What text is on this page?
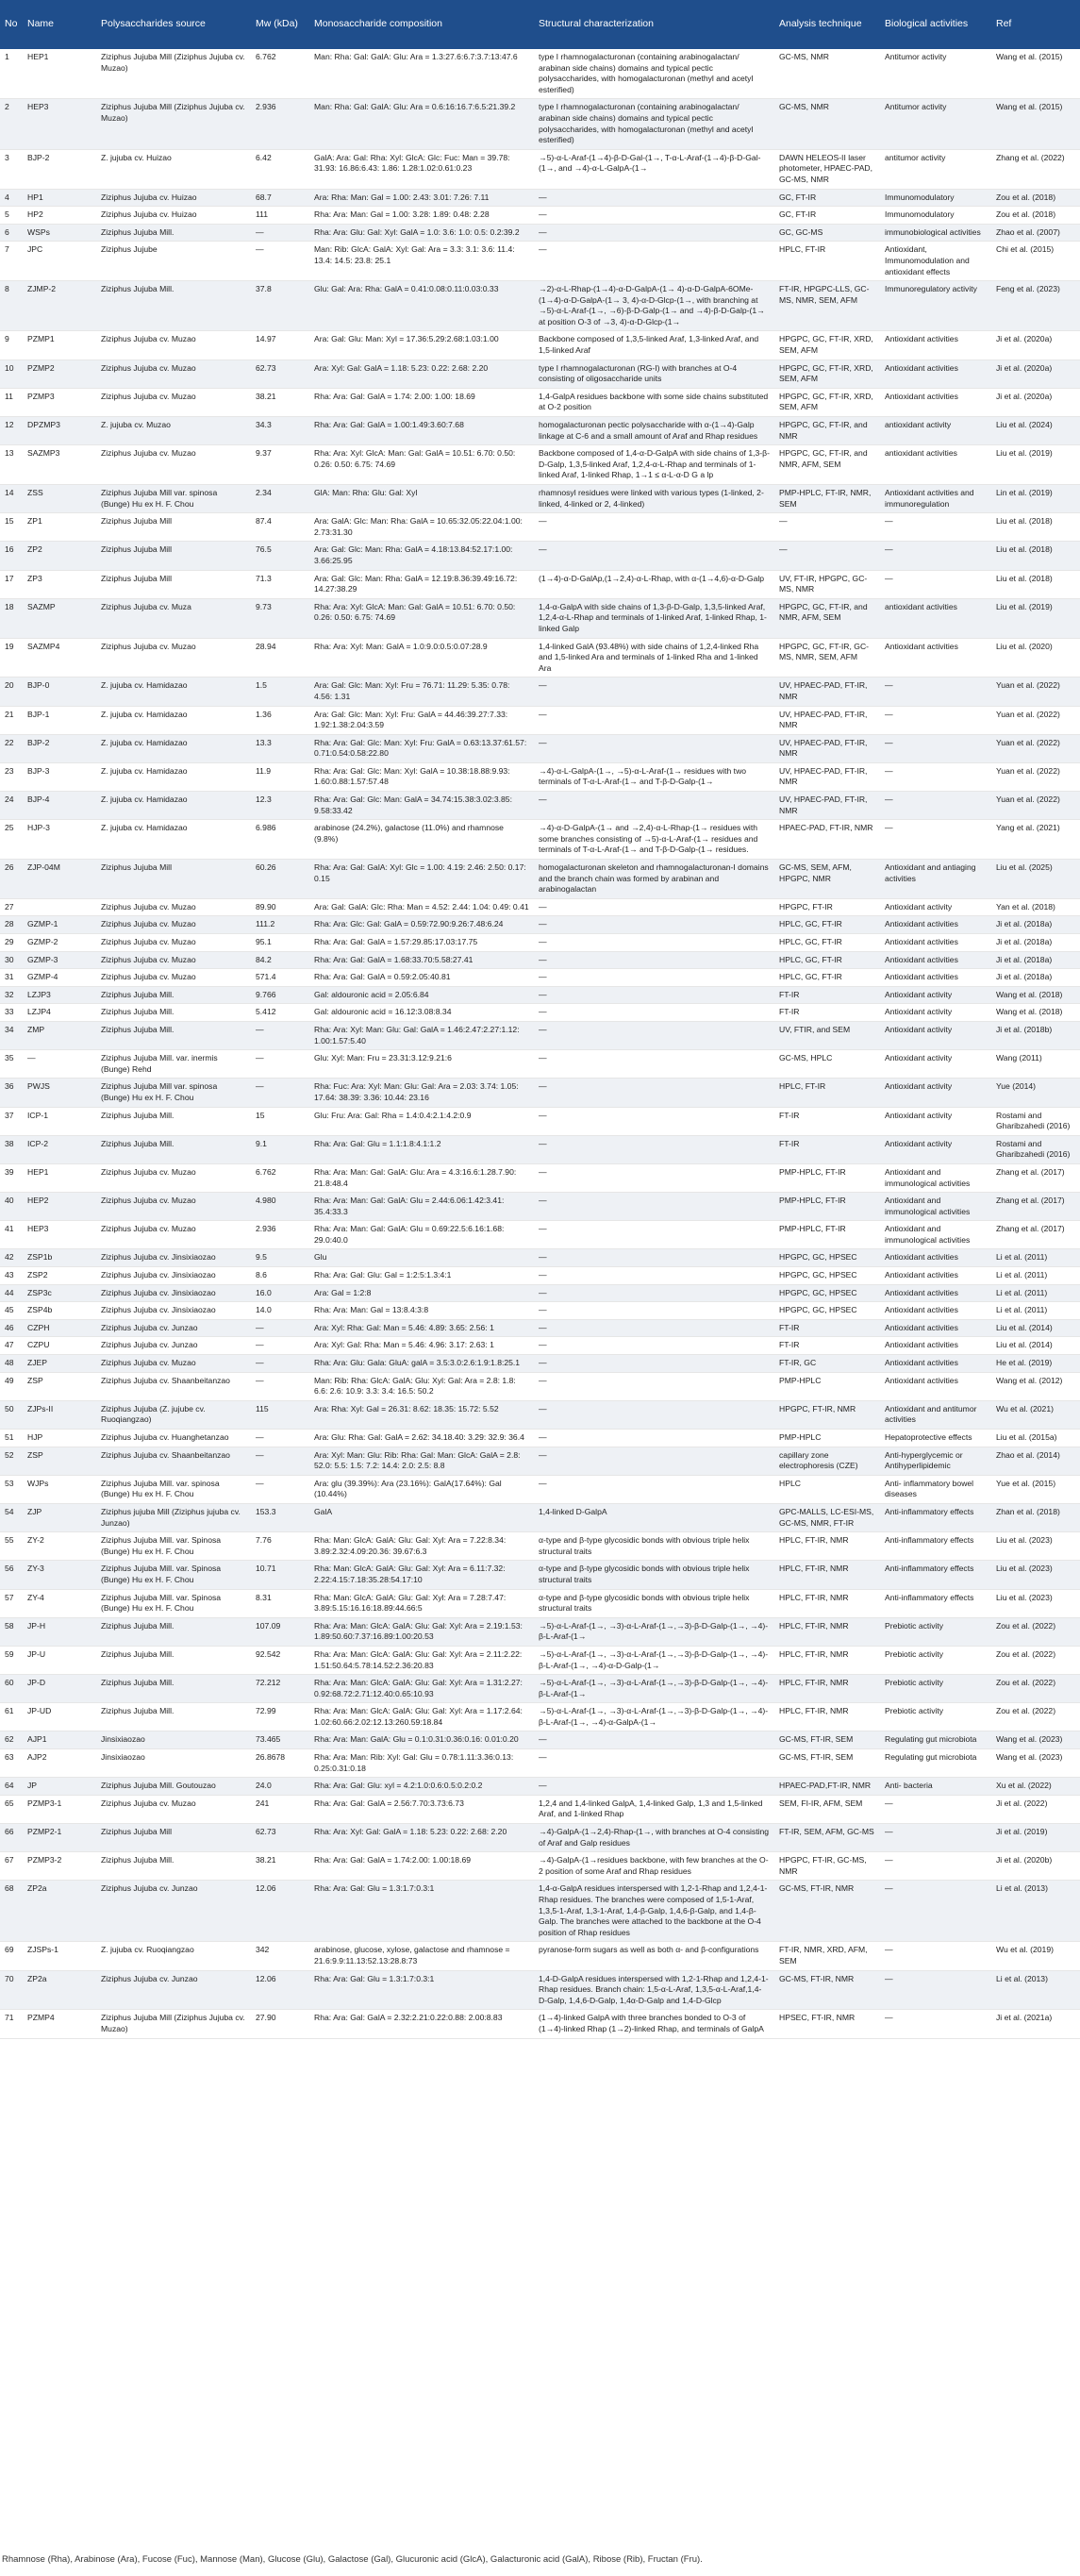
No	Name	Polysaccharides source	Mw (kDa)	Monosaccharide composition	Structural characterization	Analysis technique	Biological activities	Ref
1	HEP1	Ziziphus Jujuba Mill (Ziziphus Jujuba cv. Muzao)	6.762	Man: Rha: Gal: GalA: Glu: Ara = 1.3:27.6:6.7:3.7:13:47.6	type I rhamnogalacturonan (containing arabinogalactan/ arabinan side chains) domains and typical pectic polysaccharides, with homogalacturonan (methyl and acetyl esterified)	GC-MS, NMR	Antitumor activity	Wang et al. (2015)
2	HEP3	Ziziphus Jujuba Mill (Ziziphus Jujuba cv. Muzao)	2.936	Man: Rha: Gal: GalA: Glu: Ara = 0.6:16:16.7:6.5:21.39.2	type I rhamnogalacturonan (containing arabinogalactan/ arabinan side chains) domains and typical pectic polysaccharides, with homogalacturonan (methyl and acetyl esterified)	GC-MS, NMR	Antitumor activity	Wang et al. (2015)
3	BJP-2	Z. jujuba cv. Huizao	6.42	GalA: Ara: Gal: Rha: Xyl: GlcA: Glc: Fuc: Man = 39.78: 31.93: 16.86:6.43: 1.86: 1.28:1.02:0.61:0.23	→5)-α-L-Araf-(1→4)-β-D-Gal-(1→, T-α-L-Araf-(1→4)-β-D-Gal-(1→, and →4)-α-L-GalpA-(1→	DAWN HELEOS-II laser photometer, HPAEC-PAD, GC-MS, NMR	antitumor activity	Zhang et al. (2022)
4	HP1	Ziziphus Jujuba cv. Huizao	68.7	Ara: Rha: Man: Gal = 1.00: 2.43: 3.01: 7.26: 7.11	—	GC, FT-IR	Immunomodulatory	Zou et al. (2018)
5	HP2	Ziziphus Jujuba cv. Huizao	111	Rha: Ara: Man: Gal = 1.00: 3.28: 1.89: 0.48: 2.28	—	GC, FT-IR	Immunomodulatory	Zou et al. (2018)
6	WSPs	Ziziphus Jujuba Mill.	—	Rha: Ara: Glu: Gal: Xyl: GalA = 1.0: 3.6: 1.0: 0.5: 0.2:39.2	—	GC, GC-MS	immunobiological activities	Zhao et al. (2007)
7	JPC	Ziziphus Jujube	—	Man: Rib: GlcA: GalA: Xyl: Gal: Ara = 3.3: 3.1: 3.6: 11.4: 13.4: 14.5: 23.8: 25.1	—	HPLC, FT-IR	Antioxidant, Immunomodulation and antioxidant effects	Chi et al. (2015)
8	ZJMP-2	Ziziphus Jujuba Mill.	37.8	Glu: Gal: Ara: Rha: GalA = 0.41:0.08:0.11:0.03:0.33	→2)-α-L-Rhap-(1→4)-α-D-GalpA-(1→ 4)-α-D-GalpA-6OMe-(1→4)-α-D-GalpA-(1→ 3, 4)-α-D-Glcp-(1→, with branching at →5)-α-L-Araf-(1→, →6)-β-D-Galp-(1→ and →4)-β-D-Galp-(1→ at position O-3 of →3, 4)-α-D-Glcp-(1→	FT-IR, HPGPC-LLS, GC-MS, NMR, SEM, AFM	Immunoregulatory activity	Feng et al. (2023)
9	PZMP1	Ziziphus Jujuba cv. Muzao	14.97	Ara: Gal: Glu: Man: Xyl = 17.36:5.29:2.68:1.03:1.00	Backbone composed of 1,3,5-linked Araf, 1,3-linked Araf, and 1,5-linked Araf	HPGPC, GC, FT-IR, XRD, SEM, AFM	Antioxidant activities	Ji et al. (2020a)
10	PZMP2	Ziziphus Jujuba cv. Muzao	62.73	Ara: Xyl: Gal: GalA = 1.18: 5.23: 0.22: 2.68: 2.20	type I rhamnogalacturonan (RG-I) with branches at O-4 consisting of oligosaccharide units	HPGPC, GC, FT-IR, XRD, SEM, AFM	Antioxidant activities	Ji et al. (2020a)
11	PZMP3	Ziziphus Jujuba cv. Muzao	38.21	Rha: Ara: Gal: GalA = 1.74: 2.00: 1.00: 18.69	1,4-GalpA residues backbone with some side chains substituted at O-2 position	HPGPC, GC, FT-IR, XRD, SEM, AFM	Antioxidant activities	Ji et al. (2020a)
12	DPZMP3	Z. jujuba cv. Muzao	34.3	Rha: Ara: Gal: GalA = 1.00:1.49:3.60:7.68	homogalacturonan pectic polysaccharide with α-(1→4)-Galp linkage at C-6 and a small amount of Araf and Rhap residues	HPGPC, GC, FT-IR, and NMR	antioxidant activity	Liu et al. (2024)
13	SAZMP3	Ziziphus Jujuba cv. Muzao	9.37	Rha: Ara: Xyl: GlcA: Man: Gal: GalA = 10.51: 6.70: 0.50: 0.26: 0.50: 6.75: 74.69	Backbone composed of 1,4-α-D-GalpA with side chains of 1,3-β-D-Galp, 1,3,5-linked Araf, 1,2,4-α-L-Rhap and terminals of 1-linked Araf, 1-linked Rhap, 1→1 ≤ α-L-α-D G a lp	HPGPC, GC, FT-IR, and NMR, AFM, SEM	antioxidant activities	Liu et al. (2019)
14	ZSS	Ziziphus Jujuba Mill var. spinosa (Bunge) Hu ex H. F. Chou	2.34	GlA: Man: Rha: Glu: Gal: Xyl	rhamnosyl residues were linked with various types (1-linked, 2-linked, 4-linked or 2, 4-linked)	PMP-HPLC, FT-IR, NMR, SEM	Antioxidant activities and immunoregulation	Lin et al. (2019)
15	ZP1	Ziziphus Jujuba Mill	87.4	Ara: GalA: Glc: Man: Rha: GalA = 10.65:32.05:22.04:1.00: 2.73:31.30	—	—	—	Liu et al. (2018)
16	ZP2	Ziziphus Jujuba Mill	76.5	Ara: Gal: Glc: Man: Rha: GalA = 4.18:13.84:52.17:1.00: 3.66:25.95	—	—	—	Liu et al. (2018)
17	ZP3	Ziziphus Jujuba Mill	71.3	Ara: Gal: Glc: Man: Rha: GalA = 12.19:8.36:39.49:16.72: 14.27:38.29	(1→4)-α-D-GalAp,(1→2,4)-α-L-Rhap, with α-(1→4,6)-α-D-Galp	UV, FT-IR, HPGPC, GC-MS, NMR	—	Liu et al. (2018)
18	SAZMP	Ziziphus Jujuba cv. Muza	9.73	Rha: Ara: Xyl: GlcA: Man: Gal: GalA = 10.51: 6.70: 0.50: 0.26: 0.50: 6.75: 74.69	1,4-α-GalpA with side chains of 1,3-β-D-Galp, 1,3,5-linked Araf, 1,2,4-α-L-Rhap and terminals of 1-linked Araf, 1-linked Rhap, 1-linked Galp	HPGPC, GC, FT-IR, and NMR, AFM, SEM	antioxidant activities	Liu et al. (2019)
19	SAZMP4	Ziziphus Jujuba cv. Muzao	28.94	Rha: Ara: Xyl: Man: GalA = 1.0:9.0:0.5:0.07:28.9	1,4-linked GalA (93.48%) with side chains of 1,2,4-linked Rha and 1,5-linked Ara and terminals of 1-linked Rha and 1-linked Ara	HPGPC, GC, FT-IR, GC-MS, NMR, SEM, AFM	Antioxidant activities	Liu et al. (2020)
20	BJP-0	Z. jujuba cv. Hamidazao	1.5	Ara: Gal: Glc: Man: Xyl: Fru = 76.71: 11.29: 5.35: 0.78: 4.56: 1.31	—	UV, HPAEC-PAD, FT-IR, NMR	—	Yuan et al. (2022)
21	BJP-1	Z. jujuba cv. Hamidazao	1.36	Ara: Gal: Glc: Man: Xyl: Fru: GalA = 44.46:39.27:7.33: 1.92:1.38:2.04:3.59	—	UV, HPAEC-PAD, FT-IR, NMR	—	Yuan et al. (2022)
22	BJP-2	Z. jujuba cv. Hamidazao	13.3	Rha: Ara: Gal: Glc: Man: Xyl: Fru: GalA = 0.63:13.37:61.57: 0.71:0.54:0.58:22.80	—	UV, HPAEC-PAD, FT-IR, NMR	—	Yuan et al. (2022)
23	BJP-3	Z. jujuba cv. Hamidazao	11.9	Rha: Ara: Gal: Glc: Man: Xyl: GalA = 10.38:18.88:9.93: 1.60:0.88:1.57:57.48	→4)-α-L-GalpA-(1→, →5)-α-L-Araf-(1→ residues with two terminals of T-α-L-Araf-(1→ and T-β-D-Galp-(1→	UV, HPAEC-PAD, FT-IR, NMR	—	Yuan et al. (2022)
24	BJP-4	Z. jujuba cv. Hamidazao	12.3	Rha: Ara: Gal: Glc: Man: GalA = 34.74:15.38:3.02:3.85: 9.58:33.42	—	UV, HPAEC-PAD, FT-IR, NMR	—	Yuan et al. (2022)
25	HJP-3	Z. jujuba cv. Hamidazao	6.986	arabinose (24.2%), galactose (11.0%) and rhamnose (9.8%)	→4)-α-D-GalpA-(1→ and →2,4)-α-L-Rhap-(1→ residues with some branches consisting of →5)-α-L-Araf-(1→ residues and terminals of T-α-L-Araf-(1→ and T-β-D-Galp-(1→ residues.	HPAEC-PAD, FT-IR, NMR	—	Yang et al. (2021)
26	ZJP-04M	Ziziphus Jujuba Mill	60.26	Rha: Ara: Gal: GalA: Xyl: Glc = 1.00: 4.19: 2.46: 2.50: 0.17: 0.15	homogalacturonan skeleton and rhamnogalacturonan-I domains and the branch chain was formed by arabinan and arabinogalactan	GC-MS, SEM, AFM, HPGPC, NMR	Antioxidant and antiaging activities	Liu et al. (2025)
27		Ziziphus Jujuba cv. Muzao	89.90	Ara: Gal: GalA: Glc: Rha: Man = 4.52: 2.44: 1.04: 0.49: 0.41	—	HPGPC, FT-IR	Antioxidant activity	Yan et al. (2018)
28	GZMP-1	Ziziphus Jujuba cv. Muzao	111.2	Rha: Ara: Glc: Gal: GalA = 0.59:72.90:9.26:7.48:6.24	—	HPLC, GC, FT-IR	Antioxidant activities	Ji et al. (2018a)
29	GZMP-2	Ziziphus Jujuba cv. Muzao	95.1	Rha: Ara: Gal: GalA = 1.57:29.85:17.03:17.75	—	HPLC, GC, FT-IR	Antioxidant activities	Ji et al. (2018a)
30	GZMP-3	Ziziphus Jujuba cv. Muzao	84.2	Rha: Ara: Gal: GalA = 1.68:33.70:5.58:27.41	—	HPLC, GC, FT-IR	Antioxidant activities	Ji et al. (2018a)
31	GZMP-4	Ziziphus Jujuba cv. Muzao	571.4	Rha: Ara: Gal: GalA = 0.59:2.05:40.81	—	HPLC, GC, FT-IR	Antioxidant activities	Ji et al. (2018a)
32	LZJP3	Ziziphus Jujuba Mill.	9.766	Gal: aldouronic acid = 2.05:6.84	—	FT-IR	Antioxidant activity	Wang et al. (2018)
33	LZJP4	Ziziphus Jujuba Mill.	5.412	Gal: aldouronic acid = 16.12:3.08:8.34	—	FT-IR	Antioxidant activity	Wang et al. (2018)
34	ZMP	Ziziphus Jujuba Mill.	—	Rha: Ara: Xyl: Man: Glu: Gal: GalA = 1.46:2.47:2.27:1.12: 1.00:1.57:5.40	—	UV, FTIR, and SEM	Antioxidant activity	Ji et al. (2018b)
35	—	Ziziphus Jujuba Mill. var. inermis (Bunge) Rehd	—	Glu: Xyl: Man: Fru = 23.31:3.12:9.21:6	—	GC-MS, HPLC	Antioxidant activity	Wang (2011)
36	PWJS	Ziziphus Jujuba Mill var. spinosa (Bunge) Hu ex H. F. Chou	—	Rha: Fuc: Ara: Xyl: Man: Glu: Gal: Ara = 2.03: 3.74: 1.05: 17.64: 38.39: 3.36: 10.44: 23.16	—	HPLC, FT-IR	Antioxidant activity	Yue (2014)
37	ICP-1	Ziziphus Jujuba Mill.	15	Glu: Fru: Ara: Gal: Rha = 1.4:0.4:2.1:4.2:0.9	—	FT-IR	Antioxidant activity	Rostami and Gharibzahedi (2016)
38	ICP-2	Ziziphus Jujuba Mill.	9.1	Rha: Ara: Gal: Glu = 1.1:1.8:4.1:1.2	—	FT-IR	Antioxidant activity	Rostami and Gharibzahedi (2016)
39	HEP1	Ziziphus Jujuba cv. Muzao	6.762	Rha: Ara: Man: Gal: GalA: Glu: Ara = 4.3:16.6:1.28.7.90: 21.8:48.4	—	PMP-HPLC, FT-IR	Antioxidant and immunological activities	Zhang et al. (2017)
40	HEP2	Ziziphus Jujuba cv. Muzao	4.980	Rha: Ara: Man: Gal: GalA: Glu = 2.44:6.06:1.42:3.41: 35.4:33.3	—	PMP-HPLC, FT-IR	Antioxidant and immunological activities	Zhang et al. (2017)
41	HEP3	Ziziphus Jujuba cv. Muzao	2.936	Rha: Ara: Man: Gal: GalA: Glu = 0.69:22.5:6.16:1.68: 29.0:40.0	—	PMP-HPLC, FT-IR	Antioxidant and immunological activities	Zhang et al. (2017)
42	ZSP1b	Ziziphus Jujuba cv. Jinsixiaozao	9.5	Glu	—	HPGPC, GC, HPSEC	Antioxidant activities	Li et al. (2011)
43	ZSP2	Ziziphus Jujuba cv. Jinsixiaozao	8.6	Rha: Ara: Gal: Glu: Gal = 1:2:5:1.3:4:1	—	HPGPC, GC, HPSEC	Antioxidant activities	Li et al. (2011)
44	ZSP3c	Ziziphus Jujuba cv. Jinsixiaozao	16.0	Ara: Gal = 1:2:8	—	HPGPC, GC, HPSEC	Antioxidant activities	Li et al. (2011)
45	ZSP4b	Ziziphus Jujuba cv. Jinsixiaozao	14.0	Rha: Ara: Man: Gal = 13:8.4:3:8	—	HPGPC, GC, HPSEC	Antioxidant activities	Li et al. (2011)
46	CZPH	Ziziphus Jujuba cv. Junzao	—	Ara: Xyl: Rha: Gal: Man = 5.46: 4.89: 3.65: 2.56: 1	—	FT-IR	Antioxidant activities	Liu et al. (2014)
47	CZPU	Ziziphus Jujuba cv. Junzao	—	Ara: Xyl: Gal: Rha: Man = 5.46: 4.96: 3.17: 2.63: 1	—	FT-IR	Antioxidant activities	Liu et al. (2014)
48	ZJEP	Ziziphus Jujuba cv. Muzao	—	Rha: Ara: Glu: Gala: GluA: galA = 3.5:3.0:2.6:1.9:1.8:25.1	—	FT-IR, GC	Antioxidant activities	He et al. (2019)
49	ZSP	Ziziphus Jujuba cv. Shaanbeitanzao	—	Man: Rib: Rha: GlcA: GalA: Glu: Xyl: Gal: Ara = 2.8: 1.8: 6.6: 2.6: 10.9: 3.3: 3.4: 16.5: 50.2	—	PMP-HPLC	Antioxidant activities	Wang et al. (2012)
50	ZJPs-II	Ziziphus Jujuba (Z. jujube cv. Ruoqiangzao)	115	Ara: Rha: Xyl: Gal = 26.31: 8.62: 18.35: 15.72: 5.52	—	HPGPC, FT-IR, NMR	Antioxidant and antitumor activities	Wu et al. (2021)
51	HJP	Ziziphus Jujuba cv. Huanghetanzao	—	Ara: Glu: Rha: Gal: GalA = 2.62: 34.18.40: 3.29: 32.9: 36.4	—	PMP-HPLC	Hepatoprotective effects	Liu et al. (2015a)
52	ZSP	Ziziphus Jujuba cv. Shaanbeitanzao	—	Ara: Xyl: Man: Glu: Rib: Rha: Gal: Man: GlcA: GalA = 2.8: 52.0: 5.5: 1.5: 7.2: 14.4: 2.0: 2.5: 8.8	—	capillary zone electrophoresis (CZE)	Anti-hyperglycemic or Antihyperlipidemic	Zhao et al. (2014)
53	WJPs	Ziziphus Jujuba Mill. var. spinosa (Bunge) Hu ex H. F. Chou	—	Ara: glu (39.39%): Ara (23.16%): GalA(17.64%): Gal (10.44%)	—	HPLC	Anti- inflammatory bowel diseases	Yue et al. (2015)
54	ZJP	Ziziphus jujuba Mill (Ziziphus jujuba cv. Junzao)	153.3	GalA	1,4-linked D-GalpA	GPC-MALLS, LC-ESI-MS, GC-MS, NMR, FT-IR	Anti-inflammatory effects	Zhan et al. (2018)
55	ZY-2	Ziziphus Jujuba Mill. var. Spinosa (Bunge) Hu ex H. F. Chou	7.76	Rha: Man: GlcA: GalA: Glu: Gal: Xyl: Ara = 7.22:8.34: 3.89:2.32:4.09:20.36: 39.67:6.3	α-type and β-type glycosidic bonds with obvious triple helix structural traits	HPLC, FT-IR, NMR	Anti-inflammatory effects	Liu et al. (2023)
56	ZY-3	Ziziphus Jujuba Mill. var. Spinosa (Bunge) Hu ex H. F. Chou	10.71	Rha: Man: GlcA: GalA: Glu: Gal: Xyl: Ara = 6.11:7.32: 2.22:4.15:7.18:35.28:54.17:10	α-type and β-type glycosidic bonds with obvious triple helix structural traits	HPLC, FT-IR, NMR	Anti-inflammatory effects	Liu et al. (2023)
57	ZY-4	Ziziphus Jujuba Mill. var. Spinosa (Bunge) Hu ex H. F. Chou	8.31	Rha: Man: GlcA: GalA: Glu: Gal: Xyl: Ara = 7.28:7.47: 3.89:5.15:16.16:18.89:44.66:5	α-type and β-type glycosidic bonds with obvious triple helix structural traits	HPLC, FT-IR, NMR	Anti-inflammatory effects	Liu et al. (2023)
58	JP-H	Ziziphus Jujuba Mill.	107.09	Rha: Ara: Man: GlcA: GalA: Glu: Gal: Xyl: Ara = 2.19:1.53: 1.89:50.60:7.37:16.89:1.00:20.53	→5)-α-L-Araf-(1→, →3)-α-L-Araf-(1→,→3)-β-D-Galp-(1→, →4)-β-L-Araf-(1→	HPLC, FT-IR, NMR	Prebiotic activity	Zou et al. (2022)
59	JP-U	Ziziphus Jujuba Mill.	92.542	Rha: Ara: Man: GlcA: GalA: Glu: Gal: Xyl: Ara = 2.11:2.22: 1.51:50.64:5.78:14.52:2.36:20.83	→5)-α-L-Araf-(1→, →3)-α-L-Araf-(1→,→3)-β-D-Galp-(1→, →4)-β-L-Araf-(1→, →4)-α-D-Galp-(1→	HPLC, FT-IR, NMR	Prebiotic activity	Zou et al. (2022)
60	JP-D	Ziziphus Jujuba Mill.	72.212	Rha: Ara: Man: GlcA: GalA: Glu: Gal: Xyl: Ara = 1.31:2.27: 0.92:68.72:2.71:12.40:0.65:10.93	→5)-α-L-Araf-(1→, →3)-α-L-Araf-(1→,→3)-β-D-Galp-(1→, →4)-β-L-Araf-(1→	HPLC, FT-IR, NMR	Prebiotic activity	Zou et al. (2022)
61	JP-UD	Ziziphus Jujuba Mill.	72.99	Rha: Ara: Man: GlcA: GalA: Glu: Gal: Xyl: Ara = 1.17:2.64: 1.02:60.66:2.02:12.13:260.59:18.84	→5)-α-L-Araf-(1→, →3)-α-L-Araf-(1→,→3)-β-D-Galp-(1→, →4)-β-L-Araf-(1→, →4)-α-GalpA-(1→	HPLC, FT-IR, NMR	Prebiotic activity	Zou et al. (2022)
62	AJP1	Jinsixiaozao	73.465	Rha: Ara: Man: GalA: Glu = 0.1:0.31:0.36:0.16: 0.01:0.20	—	GC-MS, FT-IR, SEM	Regulating gut microbiota	Wang et al. (2023)
63	AJP2	Jinsixiaozao	26.8678	Rha: Ara: Man: Rib: Xyl: Gal: Glu = 0.78:1.11:3.36:0.13: 0.25:0.31:0.18	—	GC-MS, FT-IR, SEM	Regulating gut microbiota	Wang et al. (2023)
64	JP	Ziziphus Jujuba Mill. Goutouzao	24.0	Rha: Ara: Gal: Glu: xyl = 4.2:1.0:0.6:0.5:0.2:0.2	—	HPAEC-PAD,FT-IR, NMR	Anti- bacteria	Xu et al. (2022)
65	PZMP3-1	Ziziphus Jujuba cv. Muzao	241	Rha: Ara: Gal: GalA = 2.56:7.70:3.73:6.73	1,2,4 and 1,4-linked GalpA, 1,4-linked Galp, 1,3 and 1,5-linked Araf, and 1-linked Rhap	SEM, FI-IR, AFM, SEM	—	Ji et al. (2022)
66	PZMP2-1	Ziziphus Jujuba Mill	62.73	Rha: Ara: Xyl: Gal: GalA = 1.18: 5.23: 0.22: 2.68: 2.20	→4)-GalpA-(1→2,4)-Rhap-(1→, with branches at O-4 consisting of Araf and Galp residues	FT-IR, SEM, AFM, GC-MS	—	Ji et al. (2019)
67	PZMP3-2	Ziziphus Jujuba Mill.	38.21	Rha: Ara: Gal: GalA = 1.74:2.00: 1.00:18.69	→4)-GalpA-(1→residues backbone, with few branches at the O-2 position of some Araf and Rhap residues	HPGPC, FT-IR, GC-MS, NMR	—	Ji et al. (2020b)
68	ZP2a	Ziziphus Jujuba cv. Junzao	12.06	Rha: Ara: Gal: Glu = 1.3:1.7:0.3:1	1,4-α-GalpA residues interspersed with 1,2-1-Rhap and 1,2,4-1-Rhap residues. The branches were composed of 1,5-1-Araf, 1,3,5-1-Araf, 1,3-1-Araf, 1,4-β-Galp, 1,4,6-β-Galp, and 1,4-β-Galp. The branches were attached to the backbone at the O-4 position of Rhap residues	GC-MS, FT-IR, NMR	—	Li et al. (2013)
69	ZJSPs-1	Z. jujuba cv. Ruoqiangzao	342	arabinose, glucose, xylose, galactose and rhamnose = 21.6:9.9:11.13:52.13:28.8:73	pyranose-form sugars as well as both α- and β-configurations	FT-IR, NMR, XRD, AFM, SEM	—	Wu et al. (2019)
70	ZP2a	Ziziphus Jujuba cv. Junzao	12.06	Rha: Ara: Gal: Glu = 1.3:1.7:0.3:1	1,4-D-GalpA residues interspersed with 1,2-1-Rhap and 1,2,4-1-Rhap residues. Branch chain: 1,5-α-L-Araf, 1,3,5-α-L-Araf,1,4-D-Galp, 1,4,6-D-Galp, 1,4α-D-Galp and 1,4-D-Glcp	GC-MS, FT-IR, NMR	—	Li et al. (2013)
71	PZMP4	Ziziphus Jujuba Mill (Ziziphus Jujuba cv. Muzao)	27.90	Rha: Ara: Gal: GalA = 2.32:2.21:0.22:0.88: 2.00:8.83	(1→4)-linked GalpA with three branches bonded to O-3 of (1→4)-linked Rhap (1→2)-linked Rhap, and terminals of GalpA	HPSEC, FT-IR, NMR	—	Ji et al. (2021a)
Rhamnose (Rha), Arabinose (Ara), Fucose (Fuc), Mannose (Man), Glucose (Glu), Galactose (Gal), Glucuronic acid (GlcA), Galacturonic acid (GalA), Ribose (Rib), Fructan (Fru).
